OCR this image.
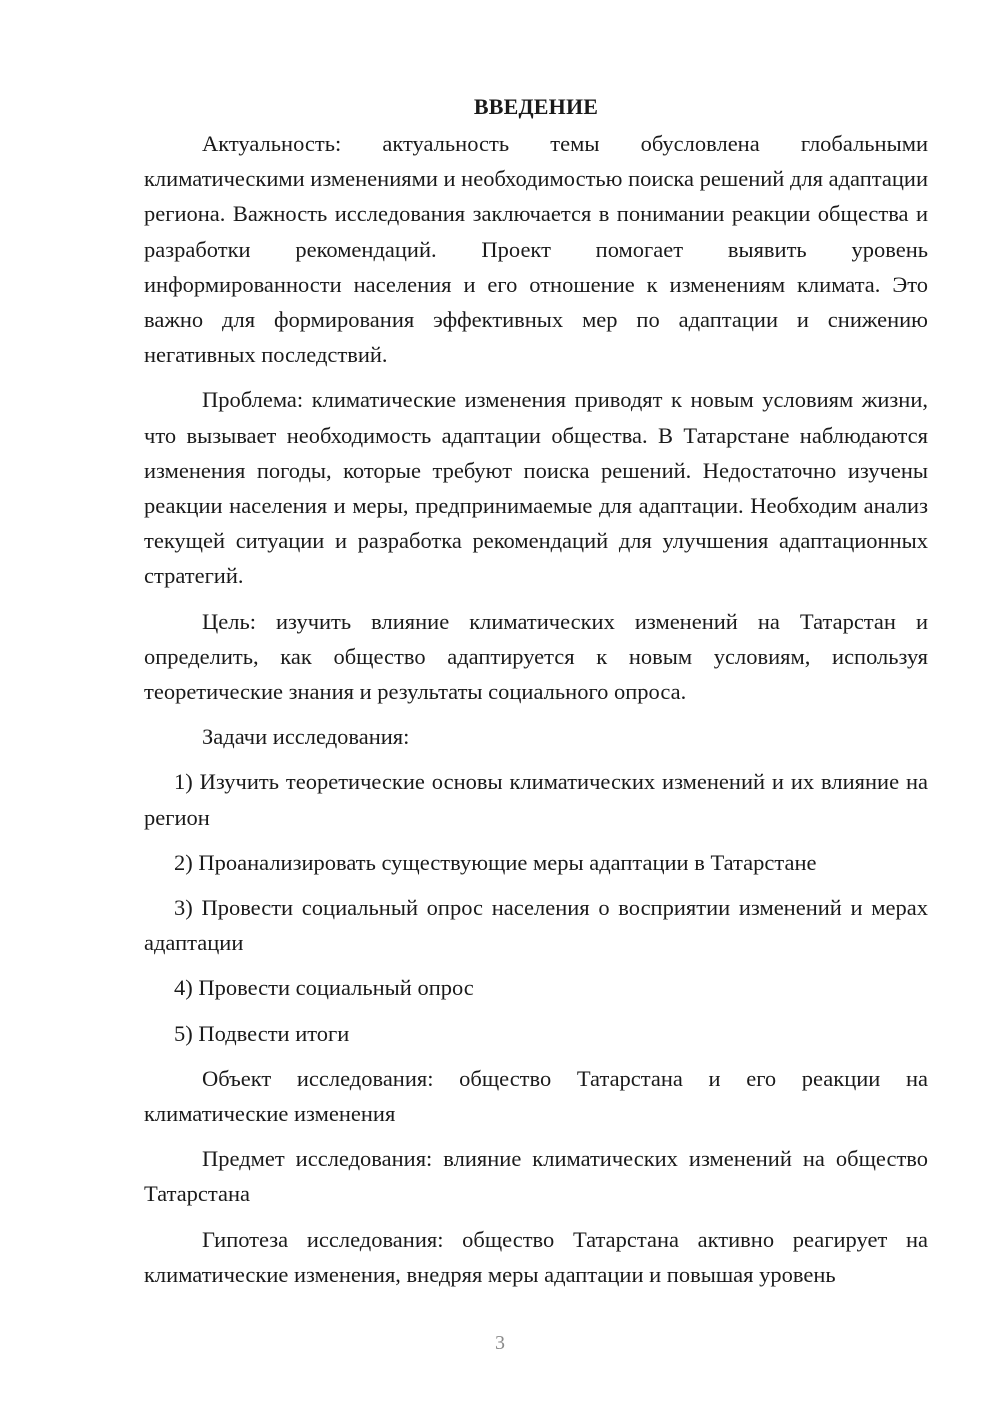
ВВЕДЕНИЕ

Актуальность: актуальность темы обусловлена глобальными климатическими изменениями и необходимостью поиска решений для адаптации региона. Важность исследования заключается в понимании реакции общества и разработки рекомендаций. Проект помогает выявить уровень информированности населения и его отношение к изменениям климата. Это важно для формирования эффективных мер по адаптации и снижению негативных последствий.

Проблема: климатические изменения приводят к новым условиям жизни, что вызывает необходимость адаптации общества. В Татарстане наблюдаются изменения погоды, которые требуют поиска решений. Недостаточно изучены реакции населения и меры, предпринимаемые для адаптации. Необходим анализ текущей ситуации и разработка рекомендаций для улучшения адаптационных стратегий.

Цель: изучить влияние климатических изменений на Татарстан и определить, как общество адаптируется к новым условиям, используя теоретические знания и результаты социального опроса.

Задачи исследования:

1) Изучить теоретические основы климатических изменений и их влияние на регион

2) Проанализировать существующие меры адаптации в Татарстане

3) Провести социальный опрос населения о восприятии изменений и мерах адаптации

4) Провести социальный опрос

5) Подвести итоги

Объект исследования: общество Татарстана и его реакции на климатические изменения

Предмет исследования: влияние климатических изменений на общество Татарстана

Гипотеза исследования: общество Татарстана активно реагирует на климатические изменения, внедряя меры адаптации и повышая уровень

3
